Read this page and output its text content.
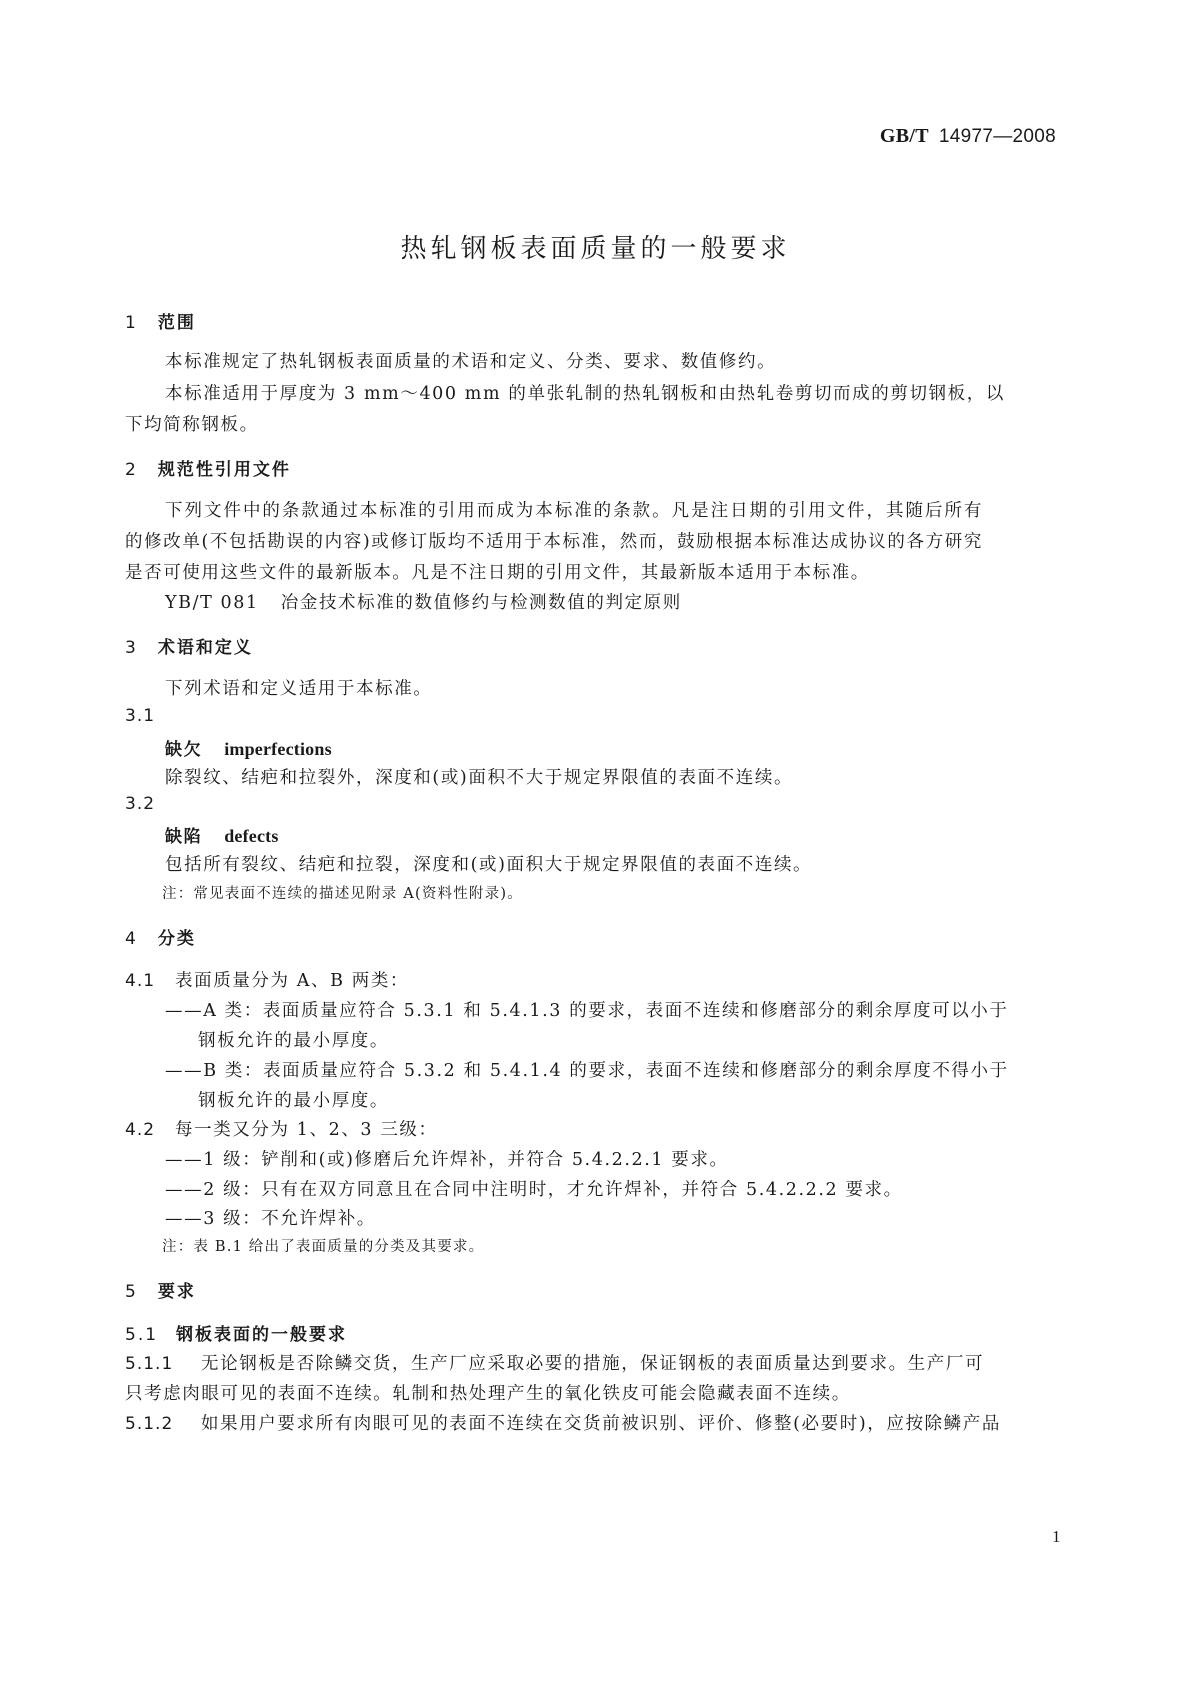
GB/T 14977—2008
热轧钢板表面质量的一般要求
1 范围
本标准规定了热轧钢板表面质量的术语和定义、分类、要求、数值修约。
本标准适用于厚度为 3 mm～400 mm 的单张轧制的热轧钢板和由热轧卷剪切而成的剪切钢板，以
下均简称钢板。
2 规范性引用文件
下列文件中的条款通过本标准的引用而成为本标准的条款。凡是注日期的引用文件，其随后所有
的修改单(不包括勘误的内容)或修订版均不适用于本标准，然而，鼓励根据本标准达成协议的各方研究
是否可使用这些文件的最新版本。凡是不注日期的引用文件，其最新版本适用于本标准。
YB/T 081 冶金技术标准的数值修约与检测数值的判定原则
3 术语和定义
下列术语和定义适用于本标准。
3.1
缺欠 imperfections
除裂纹、结疤和拉裂外，深度和(或)面积不大于规定界限值的表面不连续。
3.2
缺陷 defects
包括所有裂纹、结疤和拉裂，深度和(或)面积大于规定界限值的表面不连续。
注：常见表面不连续的描述见附录 A(资料性附录)。
4 分类
4.1 表面质量分为 A、B 两类：
——A 类：表面质量应符合 5.3.1 和 5.4.1.3 的要求，表面不连续和修磨部分的剩余厚度可以小于
钢板允许的最小厚度。
——B 类：表面质量应符合 5.3.2 和 5.4.1.4 的要求，表面不连续和修磨部分的剩余厚度不得小于
钢板允许的最小厚度。
4.2 每一类又分为 1、2、3 三级：
——1 级：铲削和(或)修磨后允许焊补，并符合 5.4.2.2.1 要求。
——2 级：只有在双方同意且在合同中注明时，才允许焊补，并符合 5.4.2.2.2 要求。
——3 级：不允许焊补。
注：表 B.1 给出了表面质量的分类及其要求。
5 要求
5.1 钢板表面的一般要求
5.1.1 无论钢板是否除鳞交货，生产厂应采取必要的措施，保证钢板的表面质量达到要求。生产厂可
只考虑肉眼可见的表面不连续。轧制和热处理产生的氧化铁皮可能会隐藏表面不连续。
5.1.2 如果用户要求所有肉眼可见的表面不连续在交货前被识别、评价、修整(必要时)，应按除鳞产品
1
